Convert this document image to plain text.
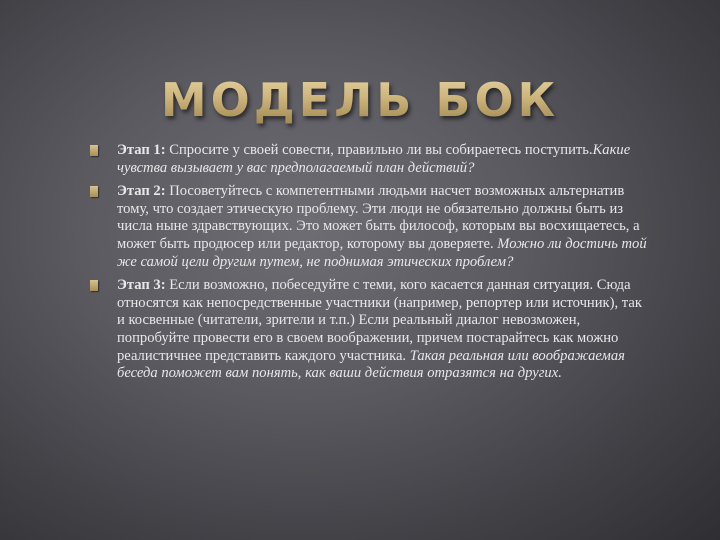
МОДЕЛЬ БОК

Этап 1: Спросите у своей совести, правильно ли вы собираетесь поступить.Какие чувства вызывает у вас предполагаемый план действий?

Этап 2: Посоветуйтесь с компетентными людьми насчет возможных альтернатив тому, что создает этическую проблему. Эти люди не обязательно должны быть из числа ныне здравствующих. Это может быть философ, которым вы восхищаетесь, а может быть продюсер или редактор, которому вы доверяете. Можно ли достичь той же самой цели другим путем, не поднимая этических проблем?

Этап 3: Если возможно, побеседуйте с теми, кого касается данная ситуация. Сюда относятся как непосредственные участники (например, репортер или источник), так и косвенные (читатели, зрители и т.п.) Если реальный диалог невозможен, попробуйте провести его в своем воображении, причем постарайтесь как можно реалистичнее представить каждого участника. Такая реальная или воображаемая беседа поможет вам понять, как ваши действия отразятся на других.
